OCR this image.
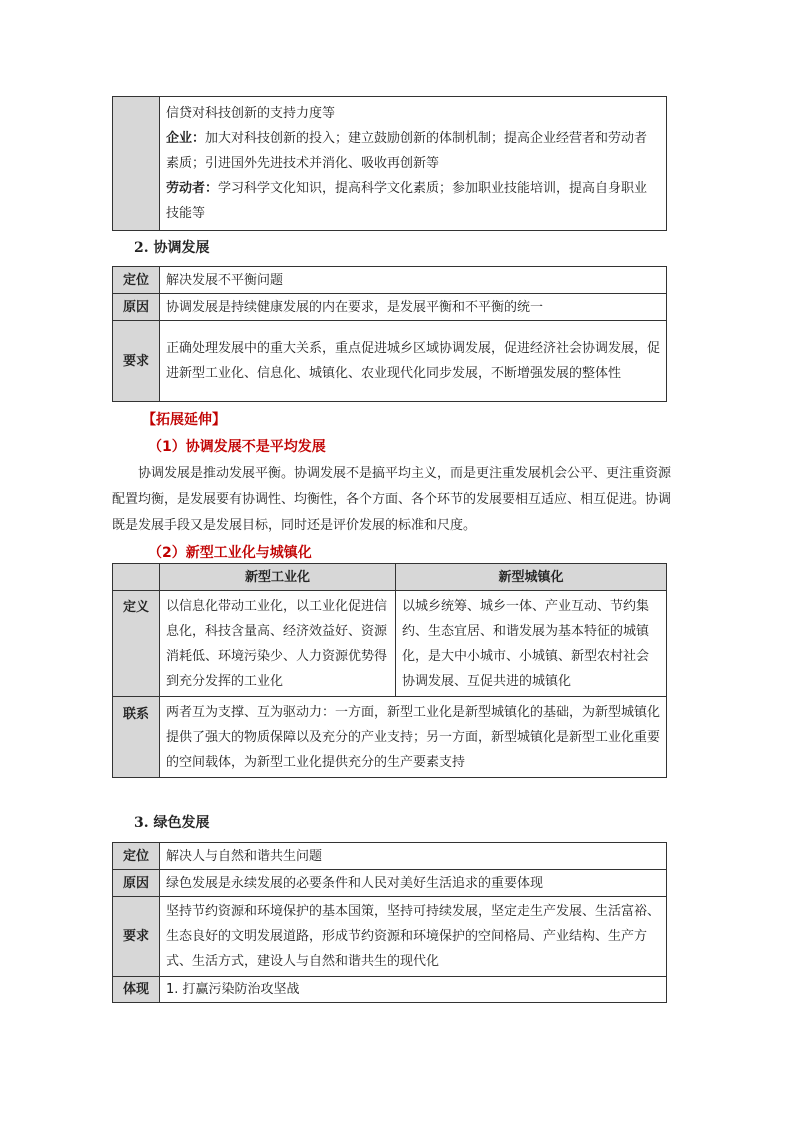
信贷对科技创新的支持力度等
企业：加大对科技创新的投入；建立鼓励创新的体制机制；提高企业经营者和劳动者素质；引进国外先进技术并消化、吸收再创新等
劳动者：学习科学文化知识，提高科学文化素质；参加职业技能培训，提高自身职业技能等
2. 协调发展
定位	解决发展不平衡问题
原因	协调发展是持续健康发展的内在要求，是发展平衡和不平衡的统一
要求	正确处理发展中的重大关系，重点促进城乡区域协调发展，促进经济社会协调发展，促进新型工业化、信息化、城镇化、农业现代化同步发展，不断增强发展的整体性
【拓展延伸】
（1）协调发展不是平均发展
协调发展是推动发展平衡。协调发展不是搞平均主义，而是更注重发展机会公平、更注重资源配置均衡，是发展要有协调性、均衡性，各个方面、各个环节的发展要相互适应、相互促进。协调既是发展手段又是发展目标，同时还是评价发展的标准和尺度。
（2）新型工业化与城镇化
	新型工业化	新型城镇化
定义	以信息化带动工业化，以工业化促进信息化，科技含量高、经济效益好、资源消耗低、环境污染少、人力资源优势得到充分发挥的工业化	以城乡统筹、城乡一体、产业互动、节约集约、生态宜居、和谐发展为基本特征的城镇化，是大中小城市、小城镇、新型农村社会协调发展、互促共进的城镇化
联系	两者互为支撑、互为驱动力：一方面，新型工业化是新型城镇化的基础，为新型城镇化提供了强大的物质保障以及充分的产业支持；另一方面，新型城镇化是新型工业化重要的空间载体，为新型工业化提供充分的生产要素支持	
3. 绿色发展
定位	解决人与自然和谐共生问题
原因	绿色发展是永续发展的必要条件和人民对美好生活追求的重要体现
要求	坚持节约资源和环境保护的基本国策，坚持可持续发展，坚定走生产发展、生活富裕、生态良好的文明发展道路，形成节约资源和环境保护的空间格局、产业结构、生产方式、生活方式，建设人与自然和谐共生的现代化
体现	1. 打赢污染防治攻坚战
